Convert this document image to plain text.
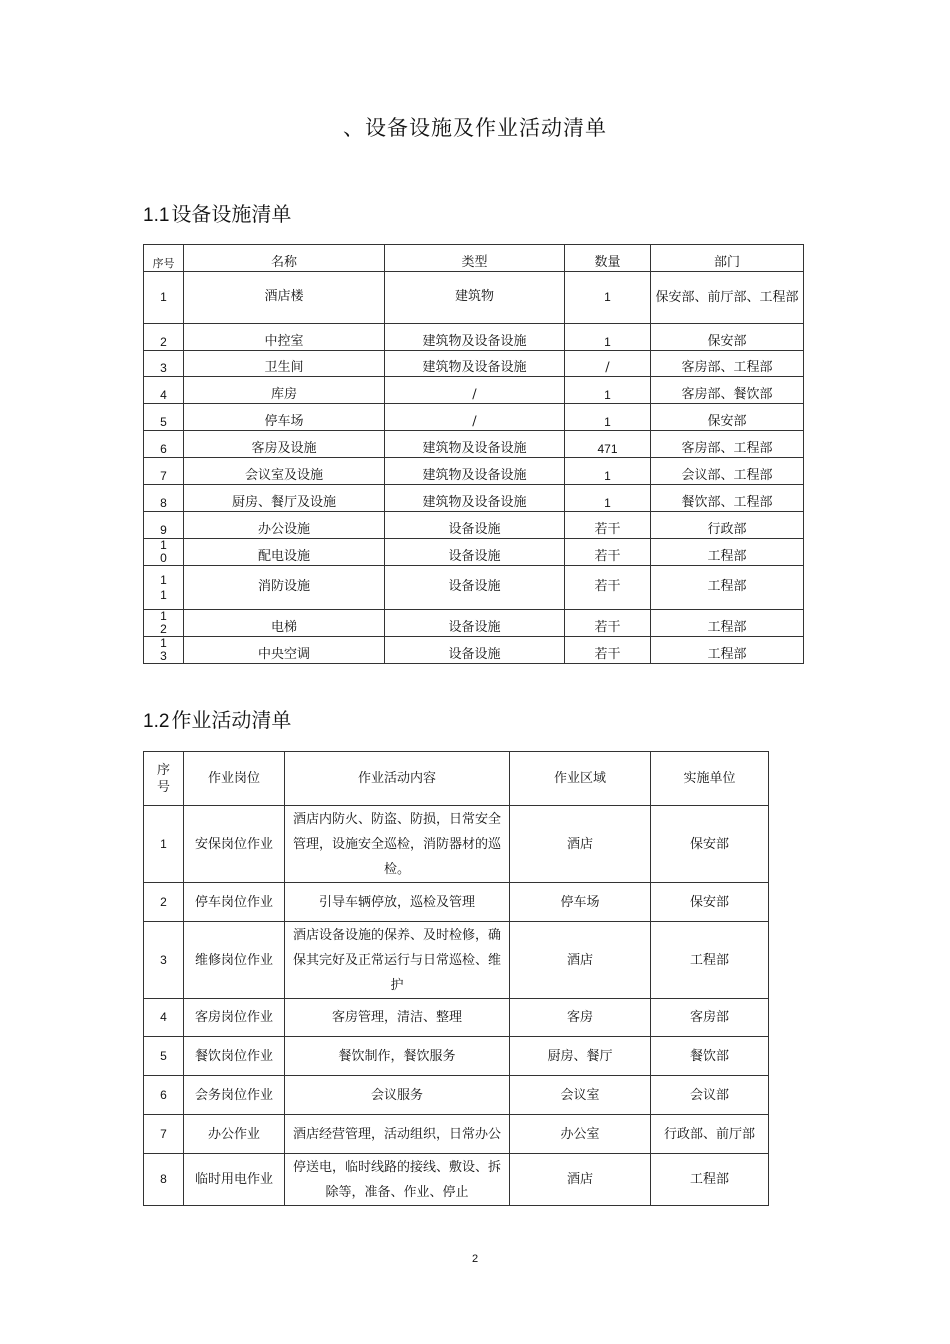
、设备设施及作业活动清单
1.1 设备设施清单
序号	名称	类型	数量	部门
1	酒店楼	建筑物	1	保安部、前厅部、工程部
2	中控室	建筑物及设备设施	1	保安部
3	卫生间	建筑物及设备设施	/	客房部、工程部
4	库房	/	1	客房部、餐饮部
5	停车场	/	1	保安部
6	客房及设施	建筑物及设备设施	471	客房部、工程部
7	会议室及设施	建筑物及设备设施	1	会议部、工程部
8	厨房、餐厅及设施	建筑物及设备设施	1	餐饮部、工程部
9	办公设施	设备设施	若干	行政部
10	配电设施	设备设施	若干	工程部
11	消防设施	设备设施	若干	工程部
12	电梯	设备设施	若干	工程部
13	中央空调	设备设施	若干	工程部
1.2 作业活动清单
序号	作业岗位	作业活动内容	作业区域	实施单位
1	安保岗位作业	酒店内防火、防盗、防损，日常安全 管理，设施安全巡检，消防器材的巡 检。	酒店	保安部
2	停车岗位作业	引导车辆停放，巡检及管理	停车场	保安部
3	维修岗位作业	酒店设备设施的保养、及时检修，确 保其完好及正常运行与日常巡检、维 护	酒店	工程部
4	客房岗位作业	客房管理，清洁、整理	客房	客房部
5	餐饮岗位作业	餐饮制作，餐饮服务	厨房、餐厅	餐饮部
6	会务岗位作业	会议服务	会议室	会议部
7	办公作业	酒店经营管理，活动组织，日常办公	办公室	行政部、前厅部
8	临时用电作业	停送电，临时线路的接线、敷设、拆 除等，准备、作业、停止	酒店	工程部
2
